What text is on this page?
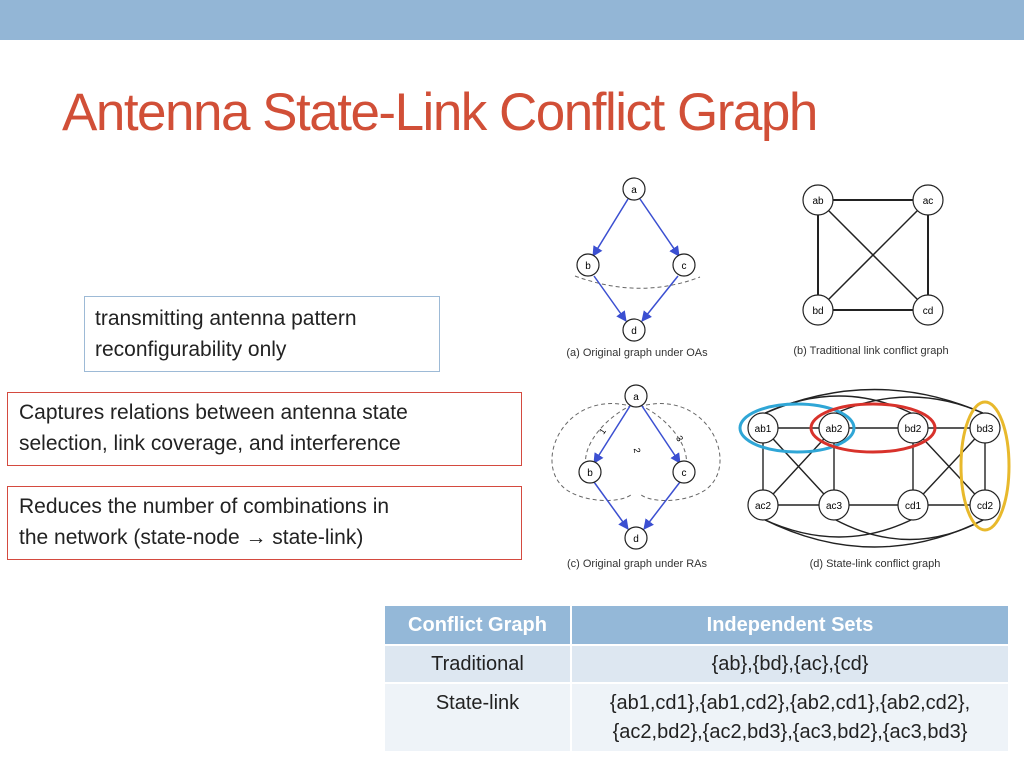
Antenna State-Link Conflict Graph
transmitting antenna pattern
reconfigurability only
Captures relations between antenna state
selection, link coverage, and interference
Reduces the number of combinations in
the network (state-node → state-link)
a
b	c
d
(a) Original graph under OAs
ab	ac
bd	cd
(b) Traditional link conflict graph
a
b	c
d
1
2
3
(c) Original graph under RAs
ab1	ab2	bd2	bd3
ac2	ac3	cd1	cd2
(d) State-link conflict graph
Conflict Graph	Independent Sets
Traditional	{ab},{bd},{ac},{cd}
State-link	{ab1,cd1},{ab1,cd2},{ab2,cd1},{ab2,cd2},
{ac2,bd2},{ac2,bd3},{ac3,bd2},{ac3,bd3}
